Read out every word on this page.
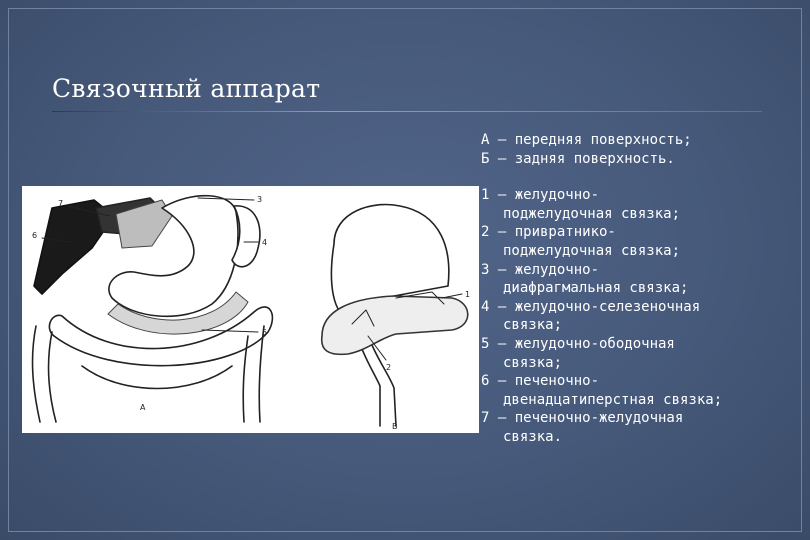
Связочный аппарат
7
6
3
4
5
А
1
2
В
А — передняя поверхность;
Б — задняя поверхность.
1 — желудочно-
поджелудочная связка;
2 — привратнико-
поджелудочная связка;
3 — желудочно-
диафрагмальная связка;
4 — желудочно-селезеночная
связка;
5 — желудочно-ободочная
связка;
6 — печеночно-
двенадцатиперстная связка;
7 — печеночно-желудочная
связка.
